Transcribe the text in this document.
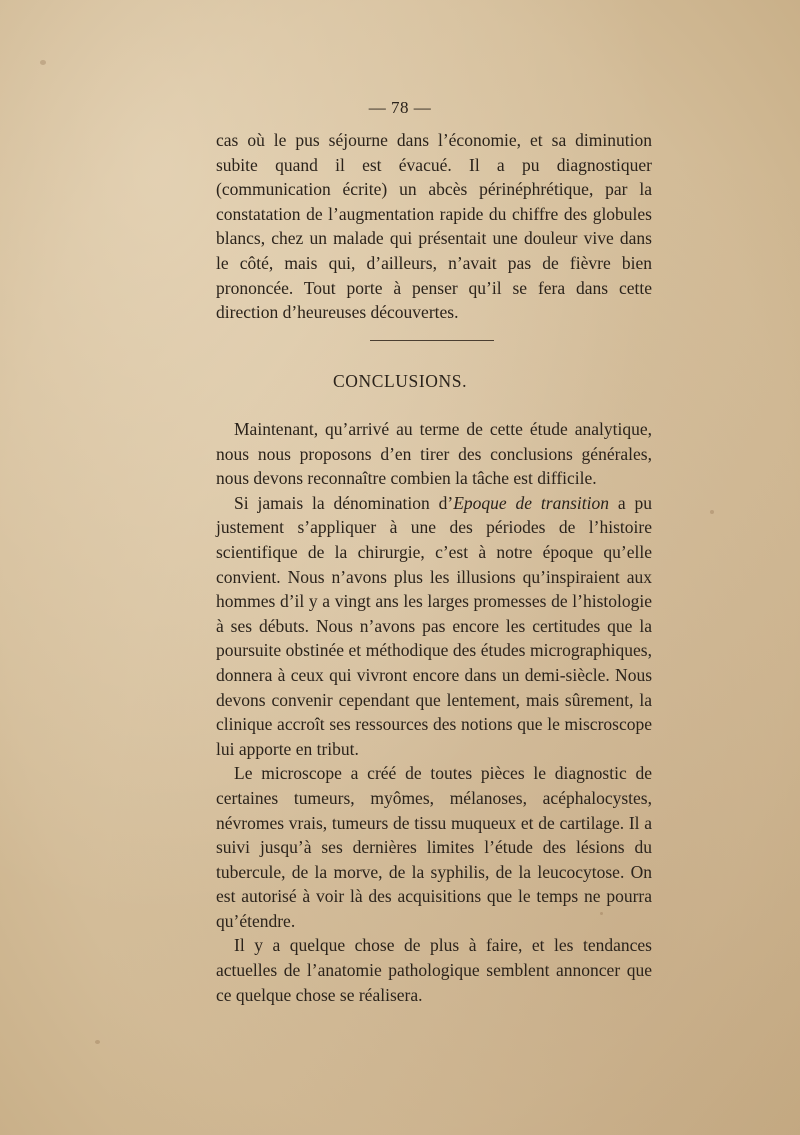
— 78 —

cas où le pus séjourne dans l’économie, et sa diminution subite quand il est évacué. Il a pu diagnostiquer (communication écrite) un abcès périnéphrétique, par la constatation de l’augmentation rapide du chiffre des globules blancs, chez un malade qui présentait une douleur vive dans le côté, mais qui, d’ailleurs, n’avait pas de fièvre bien prononcée. Tout porte à penser qu’il se fera dans cette direction d’heureuses découvertes.

CONCLUSIONS.

Maintenant, qu’arrivé au terme de cette étude analytique, nous nous proposons d’en tirer des conclusions générales, nous devons reconnaître combien la tâche est difficile.

Si jamais la dénomination d’Epoque de transition a pu justement s’appliquer à une des périodes de l’histoire scientifique de la chirurgie, c’est à notre époque qu’elle convient. Nous n’avons plus les illusions qu’inspiraient aux hommes d’il y a vingt ans les larges promesses de l’histologie à ses débuts. Nous n’avons pas encore les certitudes que la poursuite obstinée et méthodique des études micrographiques, donnera à ceux qui vivront encore dans un demi-siècle. Nous devons convenir cependant que lentement, mais sûrement, la clinique accroît ses ressources des notions que le miscroscope lui apporte en tribut.

Le microscope a créé de toutes pièces le diagnostic de certaines tumeurs, myômes, mélanoses, acéphalocystes, névromes vrais, tumeurs de tissu muqueux et de cartilage. Il a suivi jusqu’à ses dernières limites l’étude des lésions du tubercule, de la morve, de la syphilis, de la leucocytose. On est autorisé à voir là des acquisitions que le temps ne pourra qu’étendre.

Il y a quelque chose de plus à faire, et les tendances actuelles de l’anatomie pathologique semblent annoncer que ce quelque chose se réalisera.
